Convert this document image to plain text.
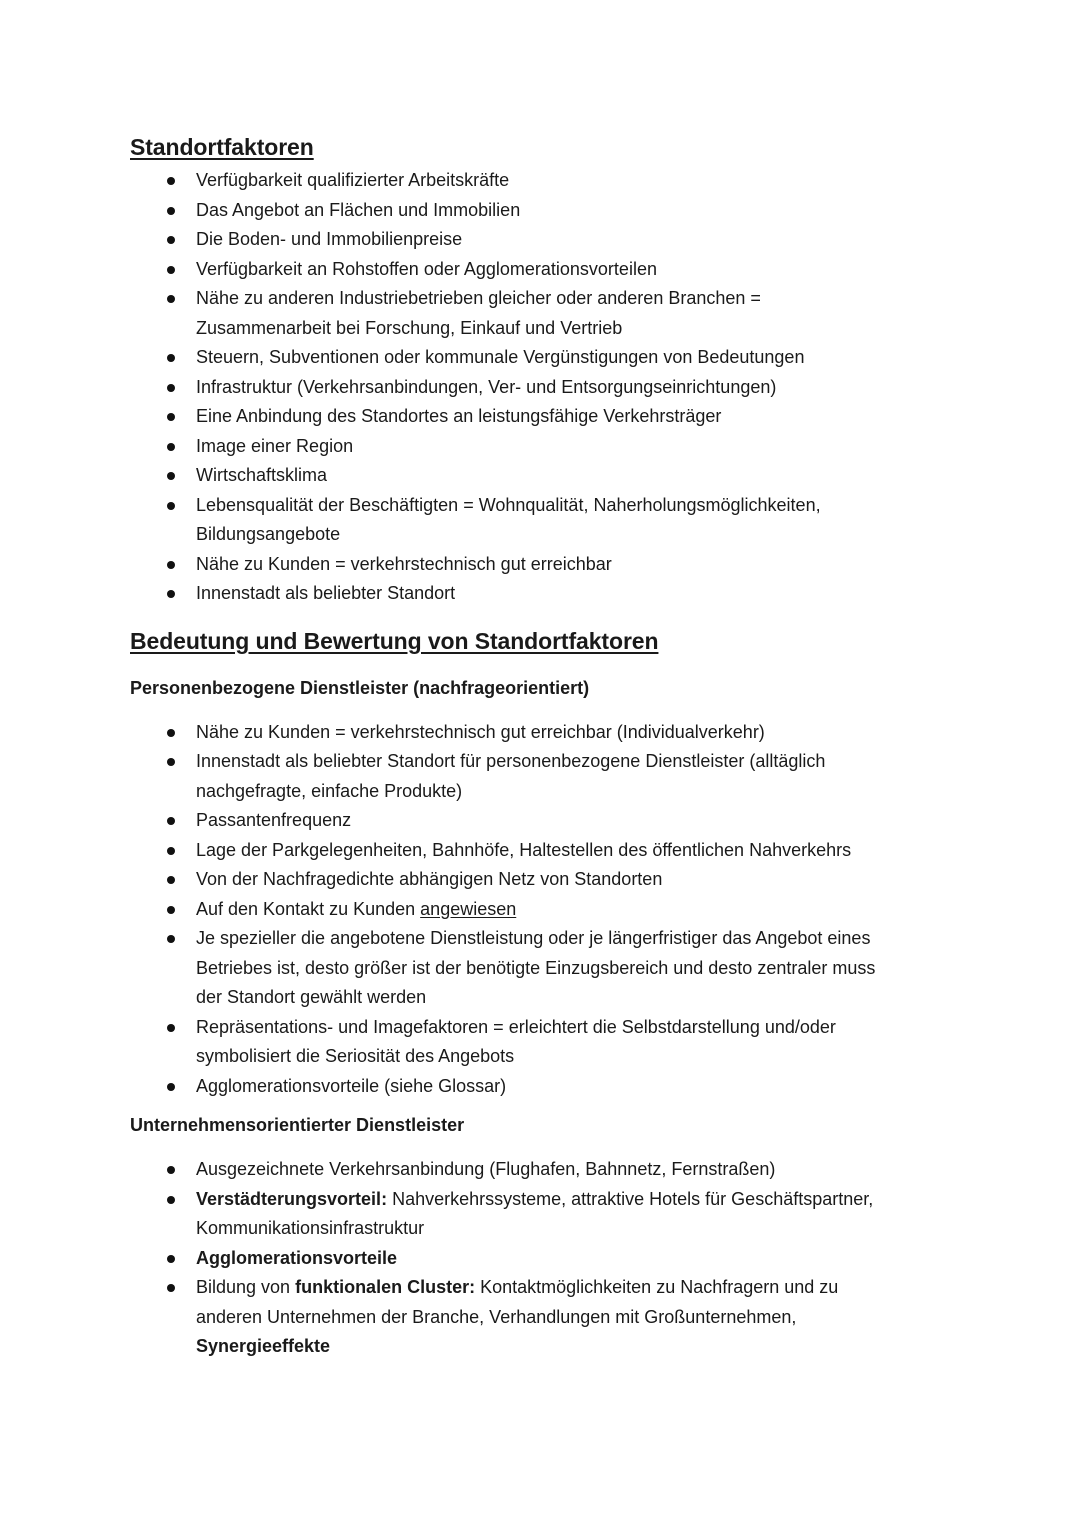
Standortfaktoren
Verfügbarkeit qualifizierter Arbeitskräfte
Das Angebot an Flächen und Immobilien
Die Boden- und Immobilienpreise
Verfügbarkeit an Rohstoffen oder Agglomerationsvorteilen
Nähe zu anderen Industriebetrieben gleicher oder anderen Branchen =
Zusammenarbeit bei Forschung, Einkauf und Vertrieb
Steuern, Subventionen oder kommunale Vergünstigungen von Bedeutungen
Infrastruktur (Verkehrsanbindungen, Ver- und Entsorgungseinrichtungen)
Eine Anbindung des Standortes an leistungsfähige Verkehrsträger
Image einer Region
Wirtschaftsklima
Lebensqualität der Beschäftigten = Wohnqualität, Naherholungsmöglichkeiten,
Bildungsangebote
Nähe zu Kunden = verkehrstechnisch gut erreichbar
Innenstadt als beliebter Standort
Bedeutung und Bewertung von Standortfaktoren
Personenbezogene Dienstleister (nachfrageorientiert)
Nähe zu Kunden = verkehrstechnisch gut erreichbar (Individualverkehr)
Innenstadt als beliebter Standort für personenbezogene Dienstleister (alltäglich
nachgefragte, einfache Produkte)
Passantenfrequenz
Lage der Parkgelegenheiten, Bahnhöfe, Haltestellen des öffentlichen Nahverkehrs
Von der Nachfragedichte abhängigen Netz von Standorten
Auf den Kontakt zu Kunden angewiesen
Je spezieller die angebotene Dienstleistung oder je längerfristiger das Angebot eines
Betriebes ist, desto größer ist der benötigte Einzugsbereich und desto zentraler muss
der Standort gewählt werden
Repräsentations- und Imagefaktoren = erleichtert die Selbstdarstellung und/oder
symbolisiert die Seriosität des Angebots
Agglomerationsvorteile (siehe Glossar)
Unternehmensorientierter Dienstleister
Ausgezeichnete Verkehrsanbindung (Flughafen, Bahnnetz, Fernstraßen)
Verstädterungsvorteil: Nahverkehrssysteme, attraktive Hotels für Geschäftspartner,
Kommunikationsinfrastruktur
Agglomerationsvorteile
Bildung von funktionalen Cluster: Kontaktmöglichkeiten zu Nachfragern und zu
anderen Unternehmen der Branche, Verhandlungen mit Großunternehmen,
Synergieeffekte
